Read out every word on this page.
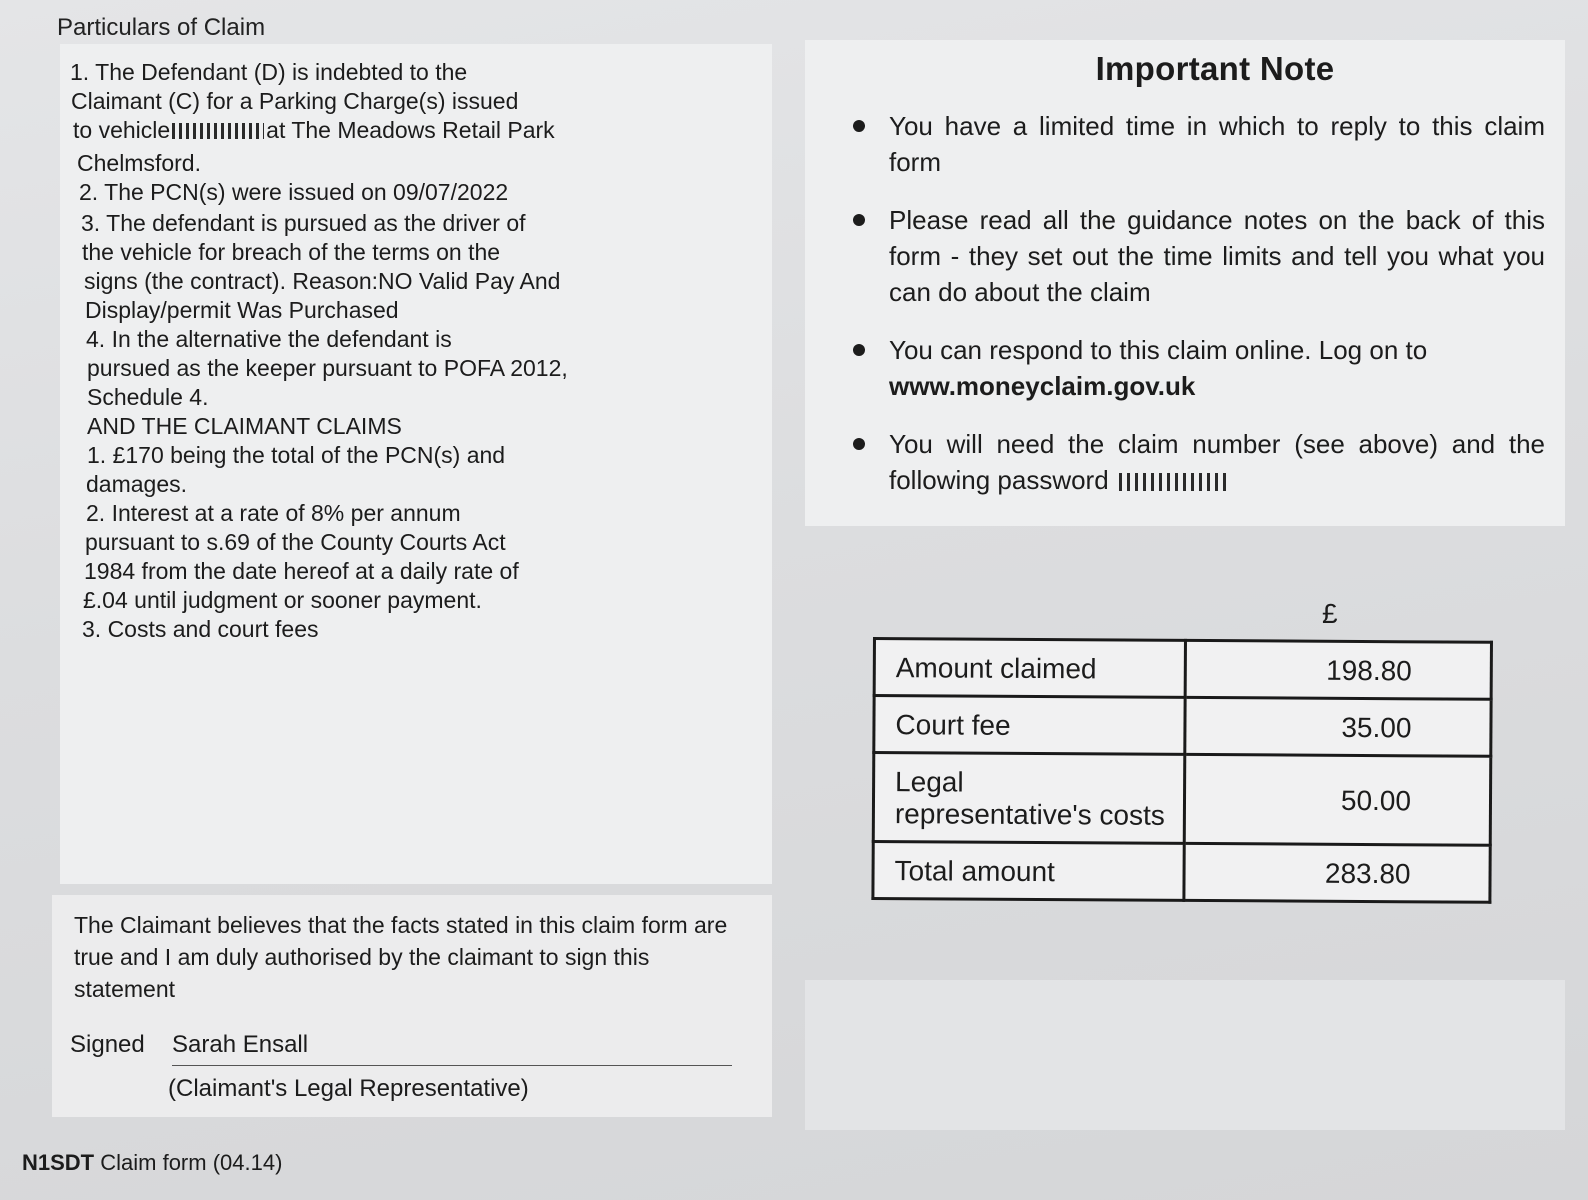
Particulars of Claim

1. The Defendant (D) is indebted to the

Claimant (C) for a Parking Charge(s) issued

to vehicle	at The Meadows Retail Park

Chelmsford.

2. The PCN(s) were issued on 09/07/2022

3. The defendant is pursued as the driver of

the vehicle for breach of the terms on the

signs (the contract). Reason:NO Valid Pay And

Display/permit Was Purchased

4. In the alternative the defendant is

pursued as the keeper pursuant to POFA 2012,

Schedule 4.

AND THE CLAIMANT CLAIMS

1. £170 being the total of the PCN(s) and

damages.

2. Interest at a rate of 8% per annum

pursuant to s.69 of the County Courts Act

1984 from the date hereof at a daily rate of

£.04 until judgment or sooner payment.

3. Costs and court fees

The Claimant believes that the facts stated in this claim form are true and I am duly authorised by the claimant to sign this statement

Signed Sarah Ensall
(Claimant's Legal Representative)
N1SDT Claim form (04.14)
Important Note
You have a limited time in which to reply to this claim form
Please read all the guidance notes on the back of this form - they set out the time limits and tell you what you can do about the claim
You can respond to this claim online. Log on to
www.moneyclaim.gov.uk
You will need the claim number (see above) and the following password
£
Amount claimed	198.80
Court fee	35.00
Legal representative's costs	50.00
Total amount	283.80
